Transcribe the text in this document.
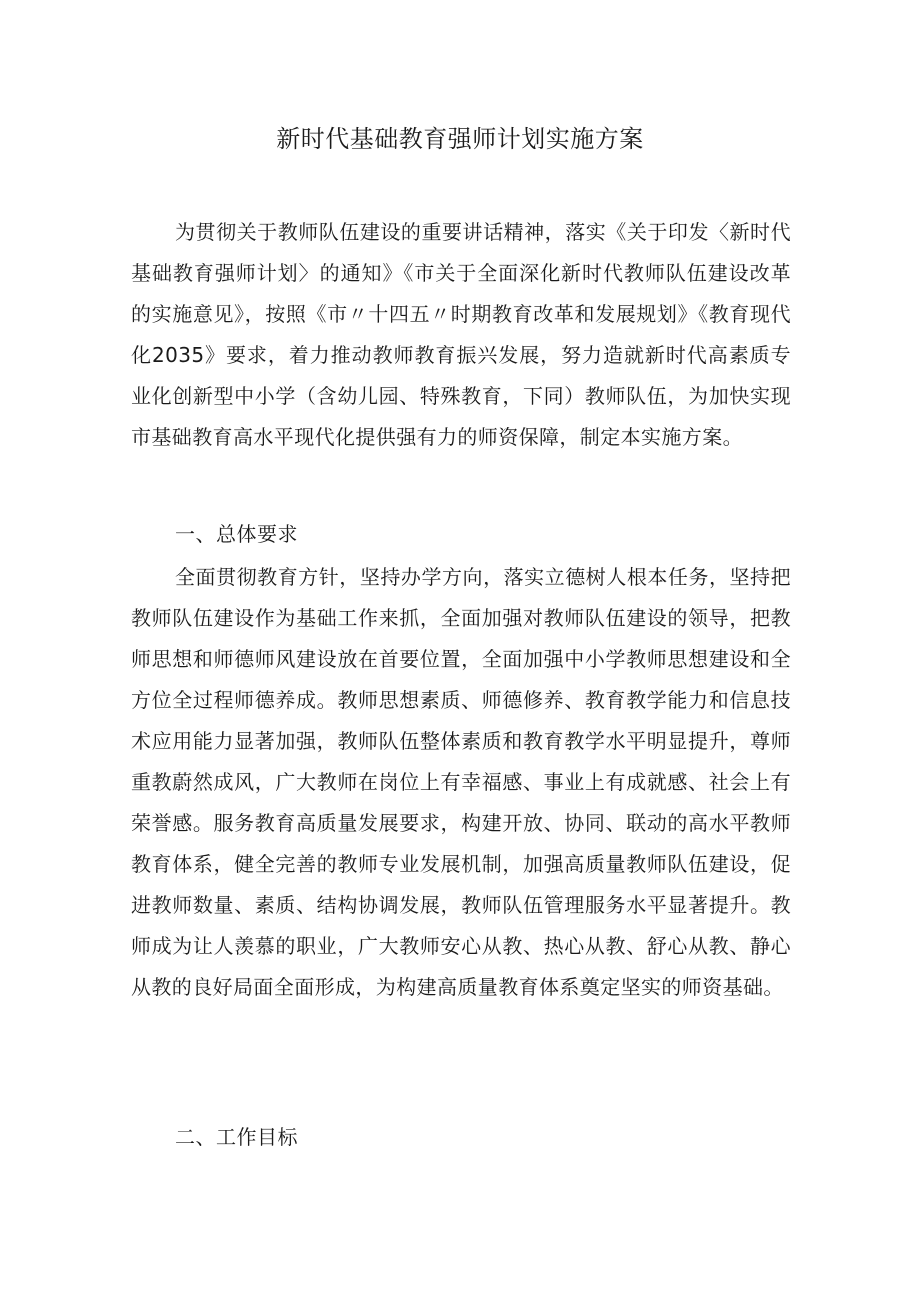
新时代基础教育强师计划实施方案

为贯彻关于教师队伍建设的重要讲话精神，落实《关于印发〈新时代基础教育强师计划〉的通知》《市关于全面深化新时代教师队伍建设改革的实施意见》，按照《市〃十四五〃时期教育改革和发展规划》《教育现代化2035》要求，着力推动教师教育振兴发展，努力造就新时代高素质专业化创新型中小学（含幼儿园、特殊教育，下同）教师队伍，为加快实现市基础教育高水平现代化提供强有力的师资保障，制定本实施方案。

一、总体要求

全面贯彻教育方针，坚持办学方向，落实立德树人根本任务，坚持把教师队伍建设作为基础工作来抓，全面加强对教师队伍建设的领导，把教师思想和师德师风建设放在首要位置，全面加强中小学教师思想建设和全方位全过程师德养成。教师思想素质、师德修养、教育教学能力和信息技术应用能力显著加强，教师队伍整体素质和教育教学水平明显提升，尊师重教蔚然成风，广大教师在岗位上有幸福感、事业上有成就感、社会上有荣誉感。服务教育高质量发展要求，构建开放、协同、联动的高水平教师教育体系，健全完善的教师专业发展机制，加强高质量教师队伍建设，促进教师数量、素质、结构协调发展，教师队伍管理服务水平显著提升。教师成为让人羡慕的职业，广大教师安心从教、热心从教、舒心从教、静心从教的良好局面全面形成，为构建高质量教育体系奠定坚实的师资基础。

二、工作目标
